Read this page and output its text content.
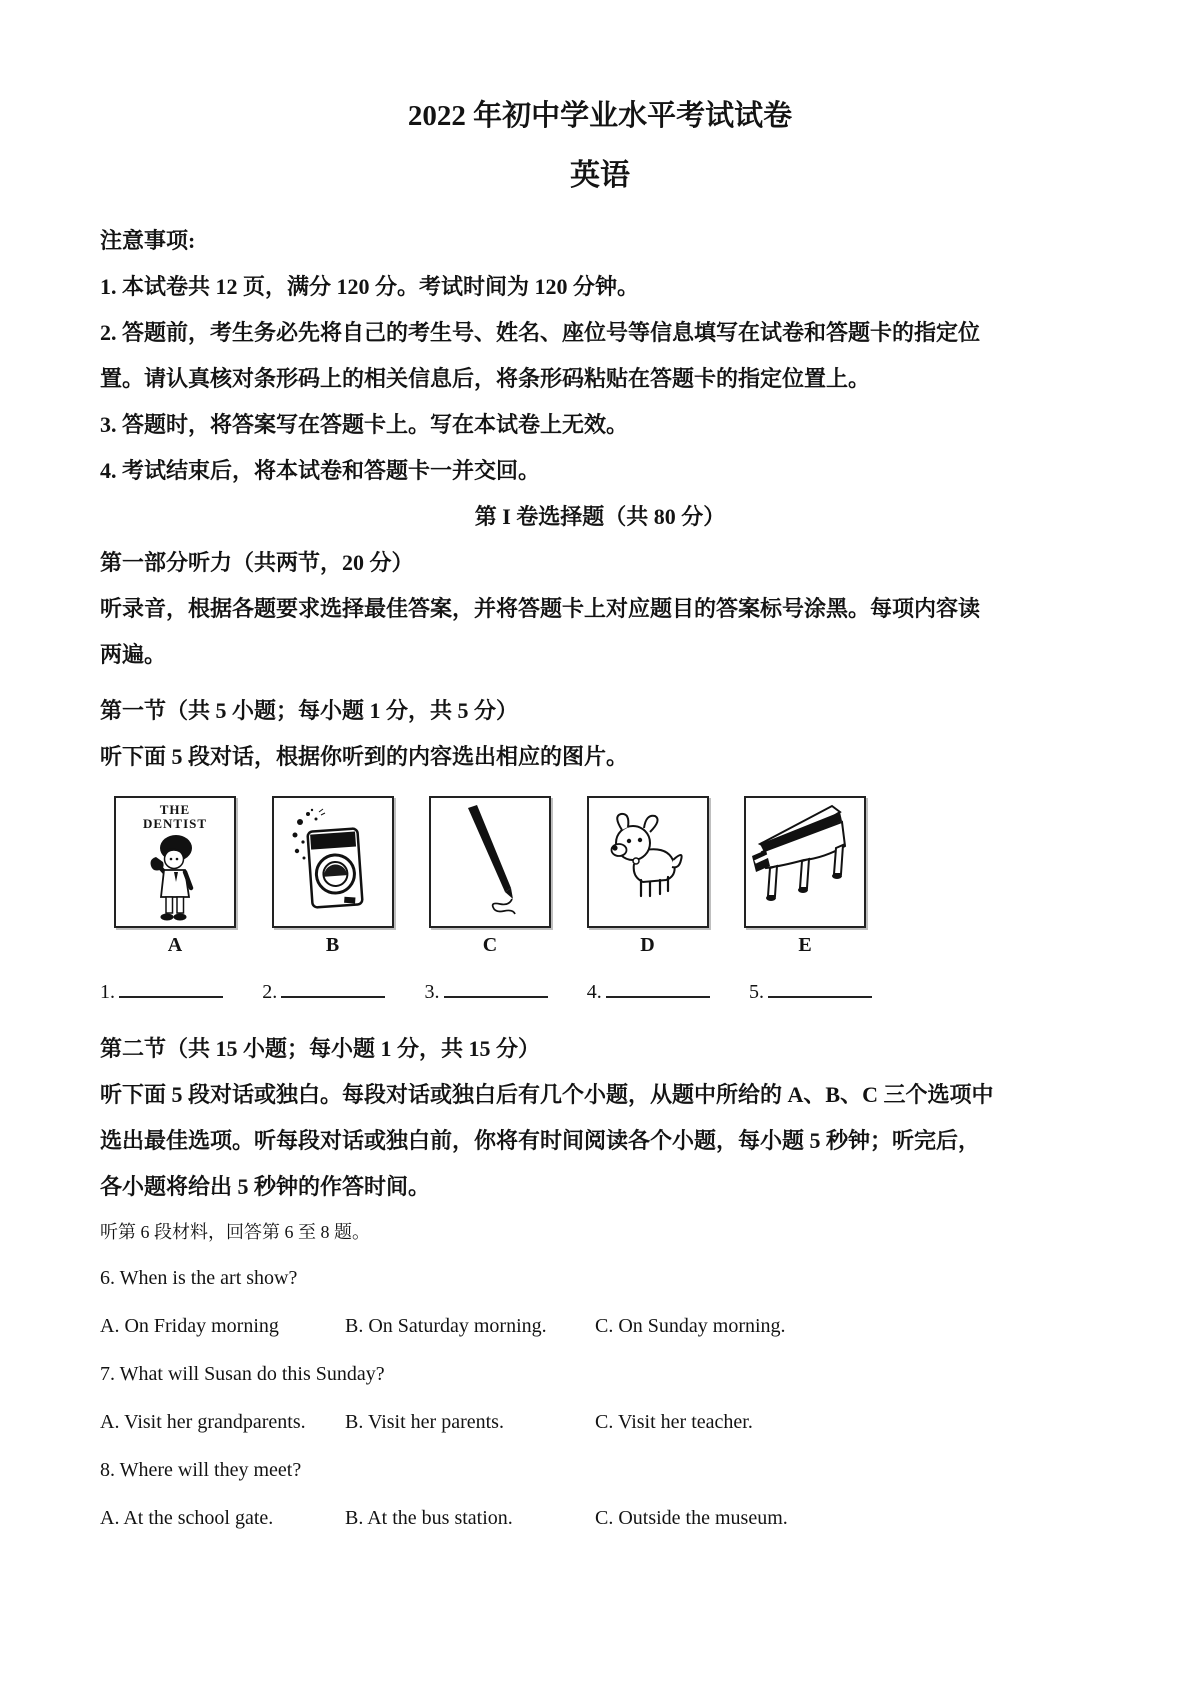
2022 年初中学业水平考试试卷
英语
注意事项:
1. 本试卷共 12 页，满分 120 分。考试时间为 120 分钟。
2. 答题前，考生务必先将自己的考生号、姓名、座位号等信息填写在试卷和答题卡的指定位
置。请认真核对条形码上的相关信息后，将条形码粘贴在答题卡的指定位置上。
3. 答题时，将答案写在答题卡上。写在本试卷上无效。
4. 考试结束后，将本试卷和答题卡一并交回。
第 I 卷选择题（共 80 分）
第一部分听力（共两节，20 分）
听录音，根据各题要求选择最佳答案，并将答题卡上对应题目的答案标号涂黑。每项内容读
两遍。
第一节（共 5 小题；每小题 1 分，共 5 分）
听下面 5 段对话，根据你听到的内容选出相应的图片。
THE
DENTIST
A	B	C	D	E
1.	2.	3.	4.	5.
第二节（共 15 小题；每小题 1 分，共 15 分）
听下面 5 段对话或独白。每段对话或独白后有几个小题，从题中所给的 A、B、C 三个选项中
选出最佳选项。听每段对话或独白前，你将有时间阅读各个小题，每小题 5 秒钟；听完后，
各小题将给出 5 秒钟的作答时间。
听第 6 段材料，回答第 6 至 8 题。
6. When is the art show?
A. On Friday morning	B. On Saturday morning.	C. On Sunday morning.
7. What will Susan do this Sunday?
A. Visit her grandparents.	B. Visit her parents.	C. Visit her teacher.
8. Where will they meet?
A. At the school gate.	B. At the bus station.	C. Outside the museum.
